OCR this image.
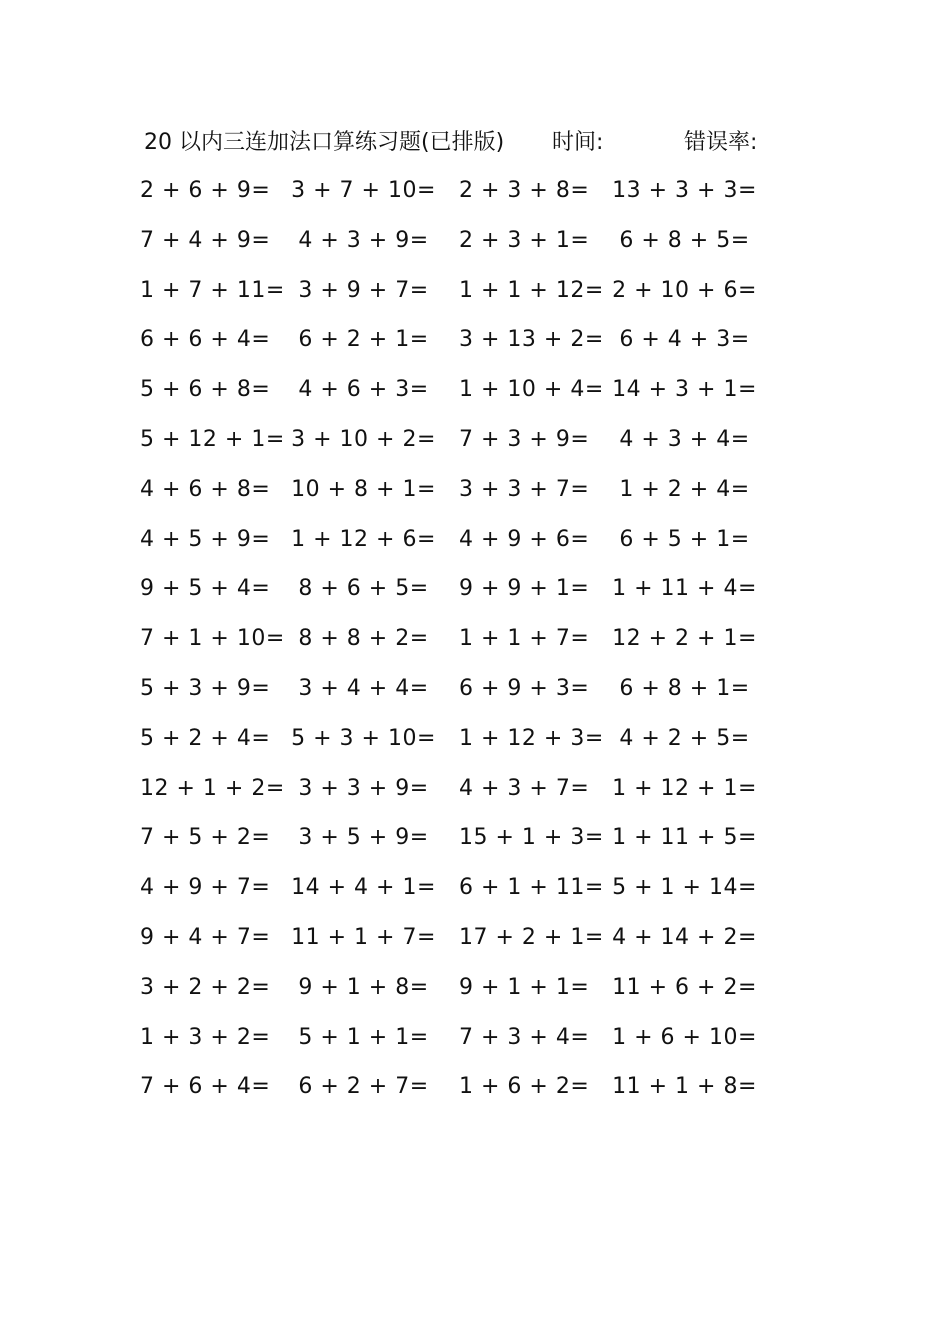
20 以内三连加法口算练习题(已排版) 时间:	错误率:
2 + 6 + 9= 3 + 7 + 10=	2 + 3 + 8=	13 + 3 + 3=
7 + 4 + 9=	4 + 3 + 9=	2 + 3 + 1=	6 + 8 + 5=
1 + 7 + 11= 3 + 9 + 7=	1 + 1 + 12= 2 + 10 + 6=
6 + 6 + 4=	6 + 2 + 1=	3 + 13 + 2= 6 + 4 + 3=
5 + 6 + 8=	4 + 6 + 3=	1 + 10 + 4= 14 + 3 + 1=
5 + 12 + 1= 3 + 10 + 2=	7 + 3 + 9=	4 + 3 + 4=
4 + 6 + 8= 10 + 8 + 1=	3 + 3 + 7=	1 + 2 + 4=
4 + 5 + 9= 1 + 12 + 6=	4 + 9 + 6=	6 + 5 + 1=
9 + 5 + 4=	8 + 6 + 5=	9 + 9 + 1=	1 + 11 + 4=
7 + 1 + 10= 8 + 8 + 2=	1 + 1 + 7=	12 + 2 + 1=
5 + 3 + 9=	3 + 4 + 4=	6 + 9 + 3=	6 + 8 + 1=
5 + 2 + 4= 5 + 3 + 10=	1 + 12 + 3= 4 + 2 + 5=
12 + 1 + 2= 3 + 3 + 9=	4 + 3 + 7=	1 + 12 + 1=
7 + 5 + 2=	3 + 5 + 9=	15 + 1 + 3= 1 + 11 + 5=
4 + 9 + 7= 14 + 4 + 1=	6 + 1 + 11= 5 + 1 + 14=
9 + 4 + 7= 11 + 1 + 7=	17 + 2 + 1= 4 + 14 + 2=
3 + 2 + 2=	9 + 1 + 8=	9 + 1 + 1=	11 + 6 + 2=
1 + 3 + 2=	5 + 1 + 1=	7 + 3 + 4=	1 + 6 + 10=
7 + 6 + 4=	6 + 2 + 7=	1 + 6 + 2=	11 + 1 + 8=
